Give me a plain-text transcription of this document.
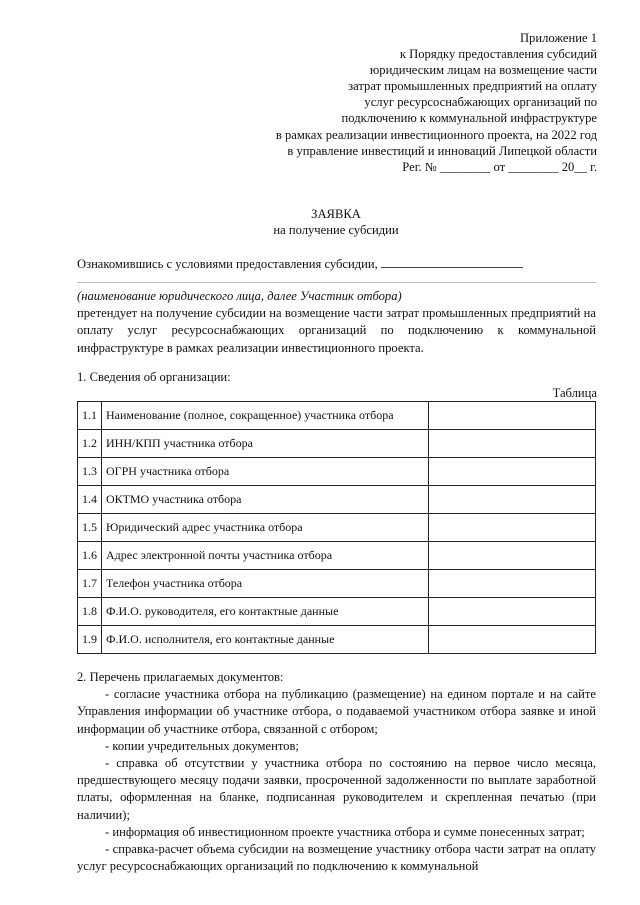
Приложение 1
к Порядку предоставления субсидий
юридическим лицам на возмещение части
затрат промышленных предприятий на оплату
услуг ресурсоснабжающих организаций по
подключению к коммунальной инфраструктуре
в рамках реализации инвестиционного проекта, на 2022 год
в управление инвестиций и инноваций Липецкой области
Рег. № ________ от ________ 20__ г.
ЗАЯВКА
на получение субсидии
Ознакомившись с условиями предоставления субсидии,
(наименование юридического лица, далее Участник отбора)
претендует на получение субсидии на возмещение части затрат промышленных предприятий на оплату услуг ресурсоснабжающих организаций по подключению к коммунальной инфраструктуре в рамках реализации инвестиционного проекта.
1. Сведения об организации:
Таблица
1.1	Наименование (полное, сокращенное) участника отбора	
1.2	ИНН/КПП участника отбора	
1.3	ОГРН участника отбора	
1.4	ОКТМО участника отбора	
1.5	Юридический адрес участника отбора	
1.6	Адрес электронной почты участника отбора	
1.7	Телефон участника отбора	
1.8	Ф.И.О. руководителя, его контактные данные	
1.9	Ф.И.О. исполнителя, его контактные данные	

2. Перечень прилагаемых документов:

- согласие участника отбора на публикацию (размещение) на едином портале и на сайте Управления информации об участнике отбора, о подаваемой участником отбора заявке и иной информации об участнике отбора, связанной с отбором;

- копии учредительных документов;

- справка об отсутствии у участника отбора по состоянию на первое число месяца, предшествующего месяцу подачи заявки, просроченной задолженности по выплате заработной платы, оформленная на бланке, подписанная руководителем и скрепленная печатью (при наличии);

- информация об инвестиционном проекте участника отбора и сумме понесенных затрат;

- справка-расчет объема субсидии на возмещение участнику отбора части затрат на оплату услуг ресурсоснабжающих организаций по подключению к коммунальной
